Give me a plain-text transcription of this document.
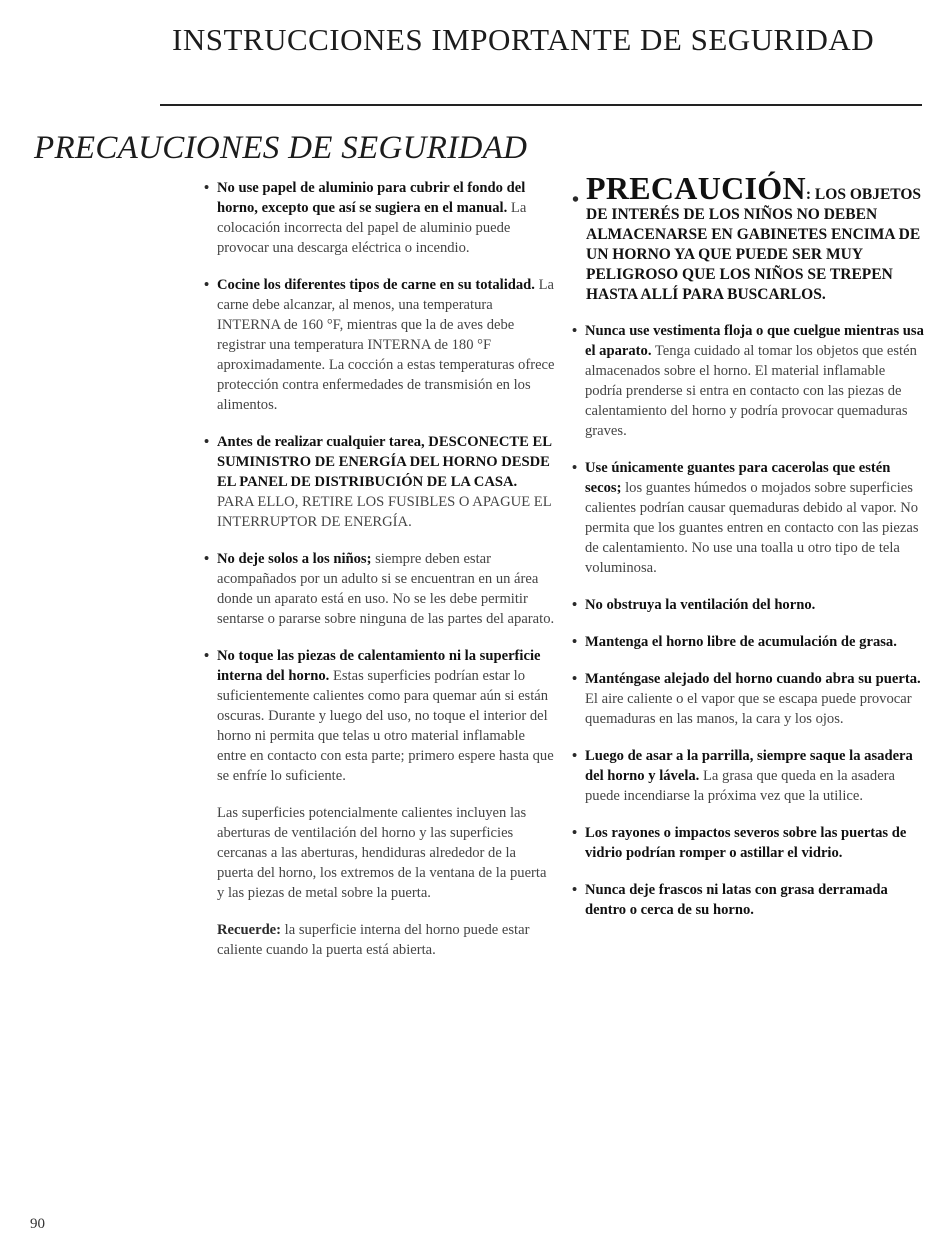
INSTRUCCIONES IMPORTANTE DE SEGURIDAD
PRECAUCIONES DE SEGURIDAD
• No use papel de aluminio para cubrir el fondo del horno, excepto que así se sugiera en el manual. La colocación incorrecta del papel de aluminio puede provocar una descarga eléctrica o incendio.
• Cocine los diferentes tipos de carne en su totalidad. La carne debe alcanzar, al menos, una temperatura INTERNA de 160 °F, mientras que la de aves debe registrar una temperatura INTERNA de 180 °F aproximadamente. La cocción a estas temperaturas ofrece protección contra enfermedades de transmisión en los alimentos.
• Antes de realizar cualquier tarea, DESCONECTE EL SUMINISTRO DE ENERGÍA DEL HORNO DESDE EL PANEL DE DISTRIBUCIÓN DE LA CASA. PARA ELLO, RETIRE LOS FUSIBLES O APAGUE EL INTERRUPTOR DE ENERGÍA.
• No deje solos a los niños; siempre deben estar acompañados por un adulto si se encuentran en un área donde un aparato está en uso. No se les debe permitir sentarse o pararse sobre ninguna de las partes del aparato.
• No toque las piezas de calentamiento ni la superficie interna del horno. Estas superficies podrían estar lo suficientemente calientes como para quemar aún si están oscuras. Durante y luego del uso, no toque el interior del horno ni permita que telas u otro material inflamable entre en contacto con esta parte; primero espere hasta que se enfríe lo suficiente.
Las superficies potencialmente calientes incluyen las aberturas de ventilación del horno y las superficies cercanas a las aberturas, hendiduras alrededor de la puerta del horno, los extremos de la ventana de la puerta y las piezas de metal sobre la puerta.
Recuerde: la superficie interna del horno puede estar caliente cuando la puerta está abierta.
• PRECAUCIÓN: LOS OBJETOS DE INTERÉS DE LOS NIÑOS NO DEBEN ALMACENARSE EN GABINETES ENCIMA DE UN HORNO YA QUE PUEDE SER MUY PELIGROSO QUE LOS NIÑOS SE TREPEN HASTA ALLÍ PARA BUSCARLOS.
• Nunca use vestimenta floja o que cuelgue mientras usa el aparato. Tenga cuidado al tomar los objetos que estén almacenados sobre el horno. El material inflamable podría prenderse si entra en contacto con las piezas de calentamiento del horno y podría provocar quemaduras graves.
• Use únicamente guantes para cacerolas que estén secos; los guantes húmedos o mojados sobre superficies calientes podrían causar quemaduras debido al vapor. No permita que los guantes entren en contacto con las piezas de calentamiento. No use una toalla u otro tipo de tela voluminosa.
• No obstruya la ventilación del horno.
• Mantenga el horno libre de acumulación de grasa.
• Manténgase alejado del horno cuando abra su puerta. El aire caliente o el vapor que se escapa puede provocar quemaduras en las manos, la cara y los ojos.
• Luego de asar a la parrilla, siempre saque la asadera del horno y lávela. La grasa que queda en la asadera puede incendiarse la próxima vez que la utilice.
• Los rayones o impactos severos sobre las puertas de vidrio podrían romper o astillar el vidrio.
• Nunca deje frascos ni latas con grasa derramada dentro o cerca de su horno.
90
